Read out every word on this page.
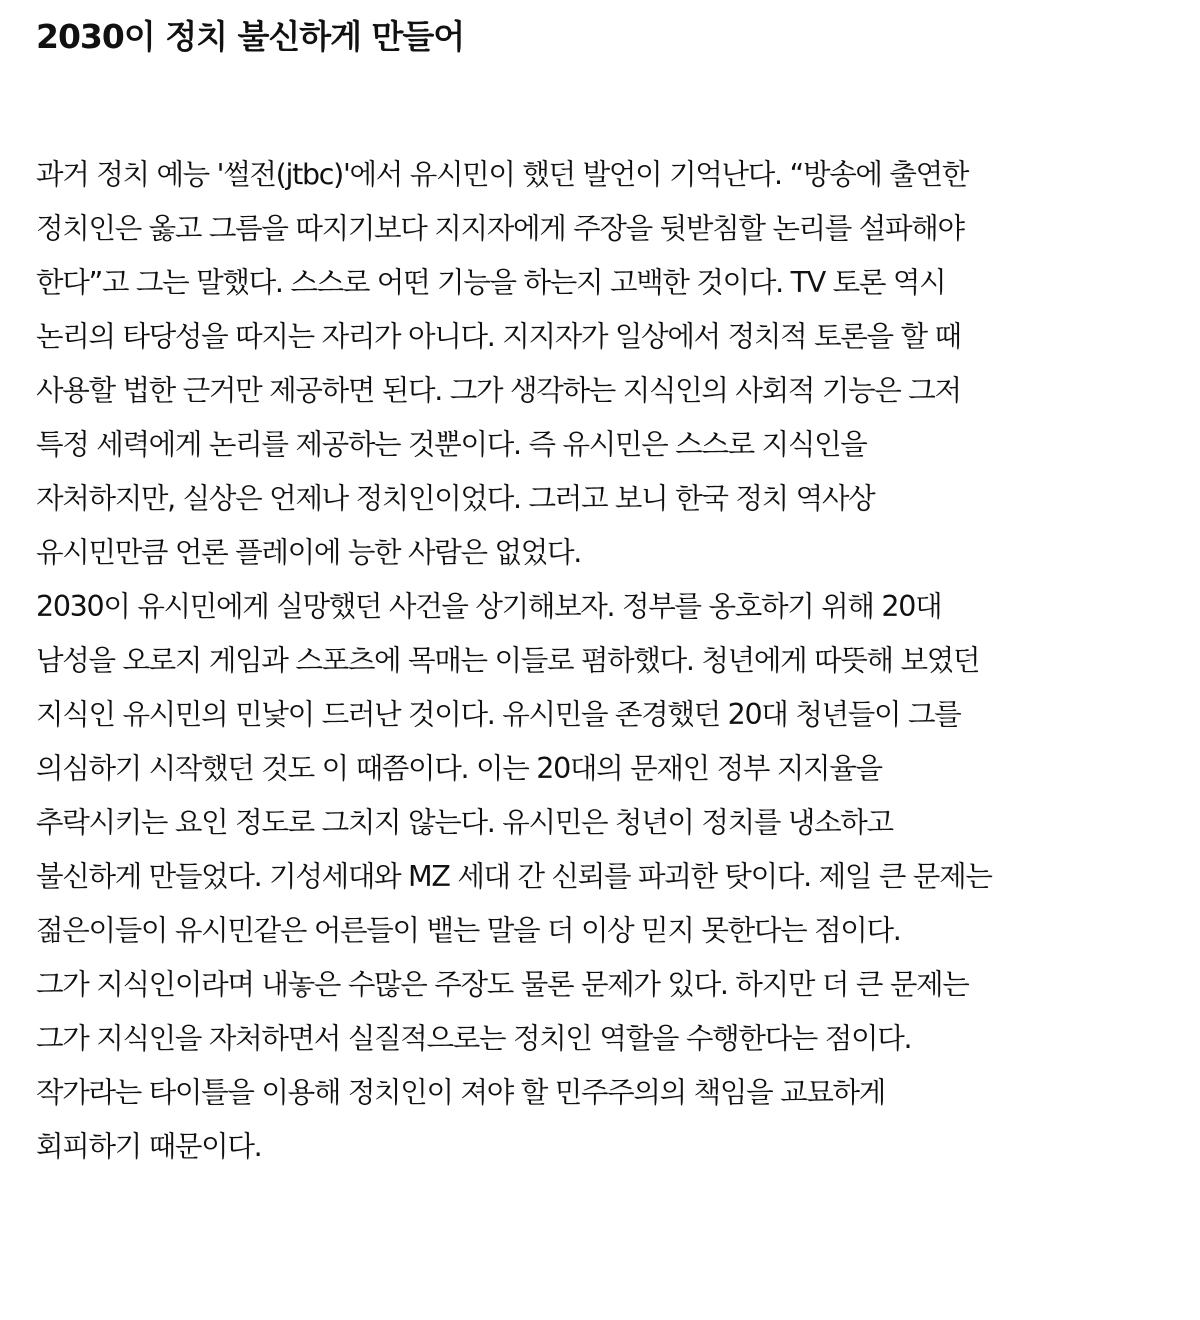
2030이 정치 불신하게 만들어
과거 정치 예능 '썰전(jtbc)'에서 유시민이 했던 발언이 기억난다. “방송에 출연한
정치인은 옳고 그름을 따지기보다 지지자에게 주장을 뒷받침할 논리를 설파해야
한다”고 그는 말했다. 스스로 어떤 기능을 하는지 고백한 것이다. TV 토론 역시
논리의 타당성을 따지는 자리가 아니다. 지지자가 일상에서 정치적 토론을 할 때
사용할 법한 근거만 제공하면 된다. 그가 생각하는 지식인의 사회적 기능은 그저
특정 세력에게 논리를 제공하는 것뿐이다. 즉 유시민은 스스로 지식인을
자처하지만, 실상은 언제나 정치인이었다. 그러고 보니 한국 정치 역사상
유시민만큼 언론 플레이에 능한 사람은 없었다.
2030이 유시민에게 실망했던 사건을 상기해보자. 정부를 옹호하기 위해 20대
남성을 오로지 게임과 스포츠에 목매는 이들로 폄하했다. 청년에게 따뜻해 보였던
지식인 유시민의 민낯이 드러난 것이다. 유시민을 존경했던 20대 청년들이 그를
의심하기 시작했던 것도 이 때쯤이다. 이는 20대의 문재인 정부 지지율을
추락시키는 요인 정도로 그치지 않는다. 유시민은 청년이 정치를 냉소하고
불신하게 만들었다. 기성세대와 MZ 세대 간 신뢰를 파괴한 탓이다. 제일 큰 문제는
젊은이들이 유시민같은 어른들이 뱉는 말을 더 이상 믿지 못한다는 점이다.
그가 지식인이라며 내놓은 수많은 주장도 물론 문제가 있다. 하지만 더 큰 문제는
그가 지식인을 자처하면서 실질적으로는 정치인 역할을 수행한다는 점이다.
작가라는 타이틀을 이용해 정치인이 져야 할 민주주의의 책임을 교묘하게
회피하기 때문이다.
